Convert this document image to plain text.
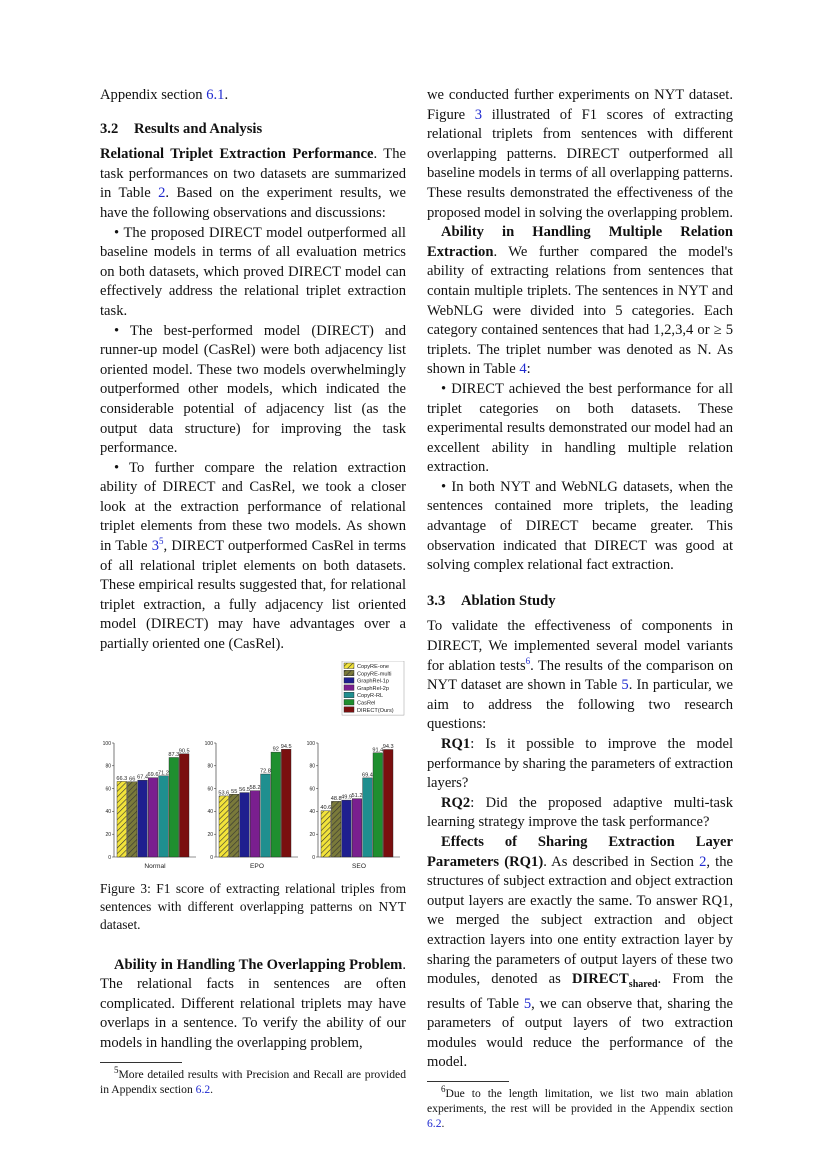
Appendix section 6.1.

3.2 Results and Analysis

Relational Triplet Extraction Performance. The task performances on two datasets are summarized in Table 2. Based on the experiment results, we have the following observations and discussions:

• The proposed DIRECT model outperformed all baseline models in terms of all evaluation metrics on both datasets, which proved DIRECT model can effectively address the relational triplet extraction task.

• The best-performed model (DIRECT) and runner-up model (CasRel) were both adjacency list oriented model. These two models overwhelmingly outperformed other models, which indicated the considerable potential of adjacency list (as the output data structure) for improving the task performance.

• To further compare the relation extraction ability of DIRECT and CasRel, we took a closer look at the extraction performance of relational triplet elements from these two models. As shown in Table $3^5$, DIRECT outperformed CasRel in terms of all relational triplet elements on both datasets. These empirical results suggested that, for relational triplet extraction, a fully adjacency list oriented model (DIRECT) may have advantages over a partially oriented one (CasRel).

CopyRE-one
CopyRE-multi
GraphRel-1p
GraphRel-2p
CopyR-RL
CasRel
DIRECT(Ours)
0
20
40
60
80
100
66.3 66 67.4 69.6 71.2
87.3
90.5
Normal
0
20
40
60
80
100
53.6 55 56.5 58.2
72.8
92 94.5
EPO
0
20
40
60
80
100
40.6
48.8 49.9 51.2
69.4
91.4
94.3
SEO

Figure 3: F1 score of extracting relational triples from sentences with different overlapping patterns on NYT dataset.

Ability in Handling The Overlapping Problem. The relational facts in sentences are often complicated. Different relational triplets may have overlaps in a sentence. To verify the ability of our models in handling the overlapping problem,

$^5$More detailed results with Precision and Recall are provided in Appendix section 6.2.

we conducted further experiments on NYT dataset. Figure 3 illustrated of F1 scores of extracting relational triplets from sentences with different overlapping patterns. DIRECT outperformed all baseline models in terms of all overlapping patterns. These results demonstrated the effectiveness of the proposed model in solving the overlapping problem.

Ability in Handling Multiple Relation Extraction. We further compared the model's ability of extracting relations from sentences that contain multiple triplets. The sentences in NYT and WebNLG were divided into 5 categories. Each category contained sentences that had 1,2,3,4 or ≥ 5 triplets. The triplet number was denoted as N. As shown in Table 4:

• DIRECT achieved the best performance for all triplet categories on both datasets. These experimental results demonstrated our model had an excellent ability in handling multiple relation extraction.

• In both NYT and WebNLG datasets, when the sentences contained more triplets, the leading advantage of DIRECT became greater. This observation indicated that DIRECT was good at solving complex relational fact extraction.

3.3 Ablation Study

To validate the effectiveness of components in DIRECT, We implemented several model variants for ablation tests$^6$. The results of the comparison on NYT dataset are shown in Table 5. In particular, we aim to address the following two research questions:

RQ1: Is it possible to improve the model performance by sharing the parameters of extraction layers?

RQ2: Did the proposed adaptive multi-task learning strategy improve the task performance?

Effects of Sharing Extraction Layer Parameters (RQ1). As described in Section 2, the structures of subject extraction and object extraction output layers are exactly the same. To answer RQ1, we merged the subject extraction and object extraction layers into one entity extraction layer by sharing the parameters of output layers of these two modules, denoted as $DIRECT_{shared}$. From the results of Table 5, we can observe that, sharing the parameters of output layers of two extraction modules would reduce the performance of the model.

$^6$Due to the length limitation, we list two main ablation experiments, the rest will be provided in the Appendix section 6.2.
